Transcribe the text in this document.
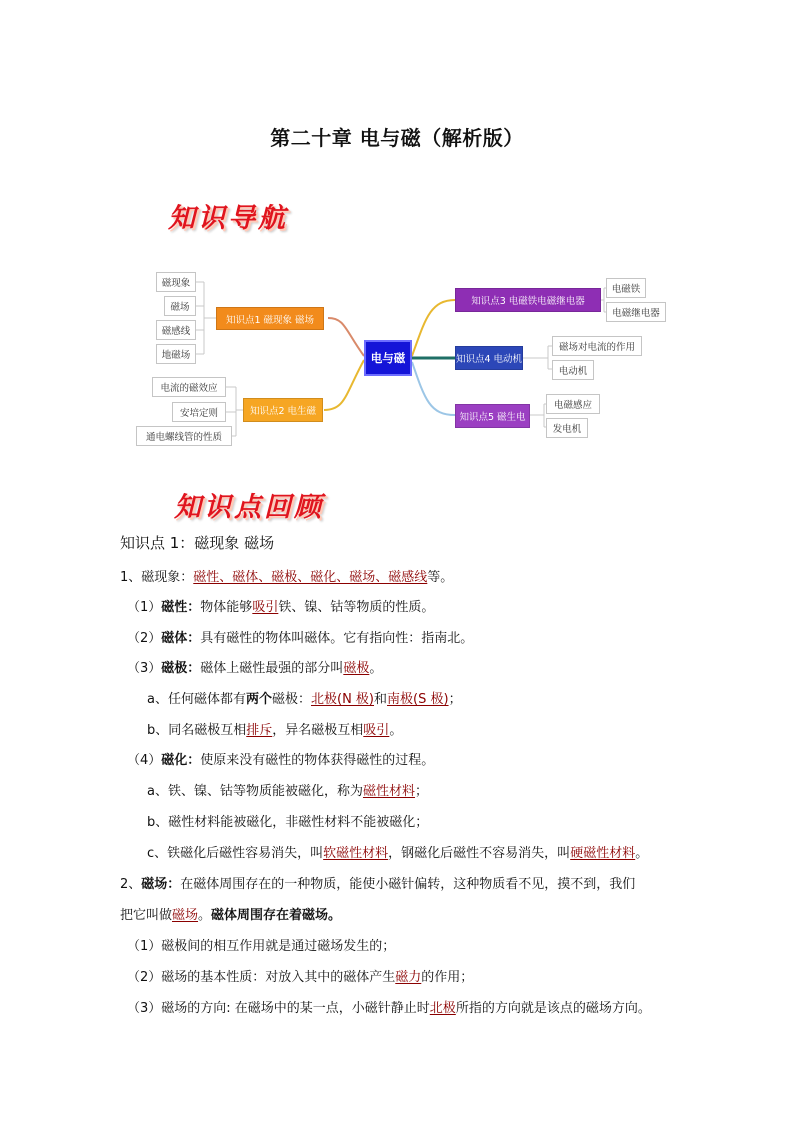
第二十章 电与磁（解析版）
知识导航
磁现象
磁场
磁感线
地磁场
知识点1 磁现象 磁场
电流的磁效应
安培定则
通电螺线管的性质
知识点2 电生磁
电与磁
知识点3 电磁铁电磁继电器
电磁铁
电磁继电器
知识点4 电动机
磁场对电流的作用
电动机
知识点5 磁生电
电磁感应
发电机
知识点回顾
知识点 1：磁现象 磁场
1、磁现象：磁性、磁体、磁极、磁化、磁场、磁感线等。
（1）磁性：物体能够吸引铁、镍、钴等物质的性质。
（2）磁体：具有磁性的物体叫磁体。它有指向性：指南北。
（3）磁极：磁体上磁性最强的部分叫磁极。
a、任何磁体都有两个磁极：北极(N 极)和南极(S 极)；
b、同名磁极互相排斥，异名磁极互相吸引。
（4）磁化：使原来没有磁性的物体获得磁性的过程。
a、铁、镍、钴等物质能被磁化，称为磁性材料；
b、磁性材料能被磁化，非磁性材料不能被磁化；
c、铁磁化后磁性容易消失，叫软磁性材料，钢磁化后磁性不容易消失，叫硬磁性材料。
2、磁场：在磁体周围存在的一种物质，能使小磁针偏转，这种物质看不见，摸不到，我们
把它叫做磁场。磁体周围存在着磁场。
（1）磁极间的相互作用就是通过磁场发生的；
（2）磁场的基本性质：对放入其中的磁体产生磁力的作用；
（3）磁场的方向: 在磁场中的某一点，小磁针静止时北极所指的方向就是该点的磁场方向。
